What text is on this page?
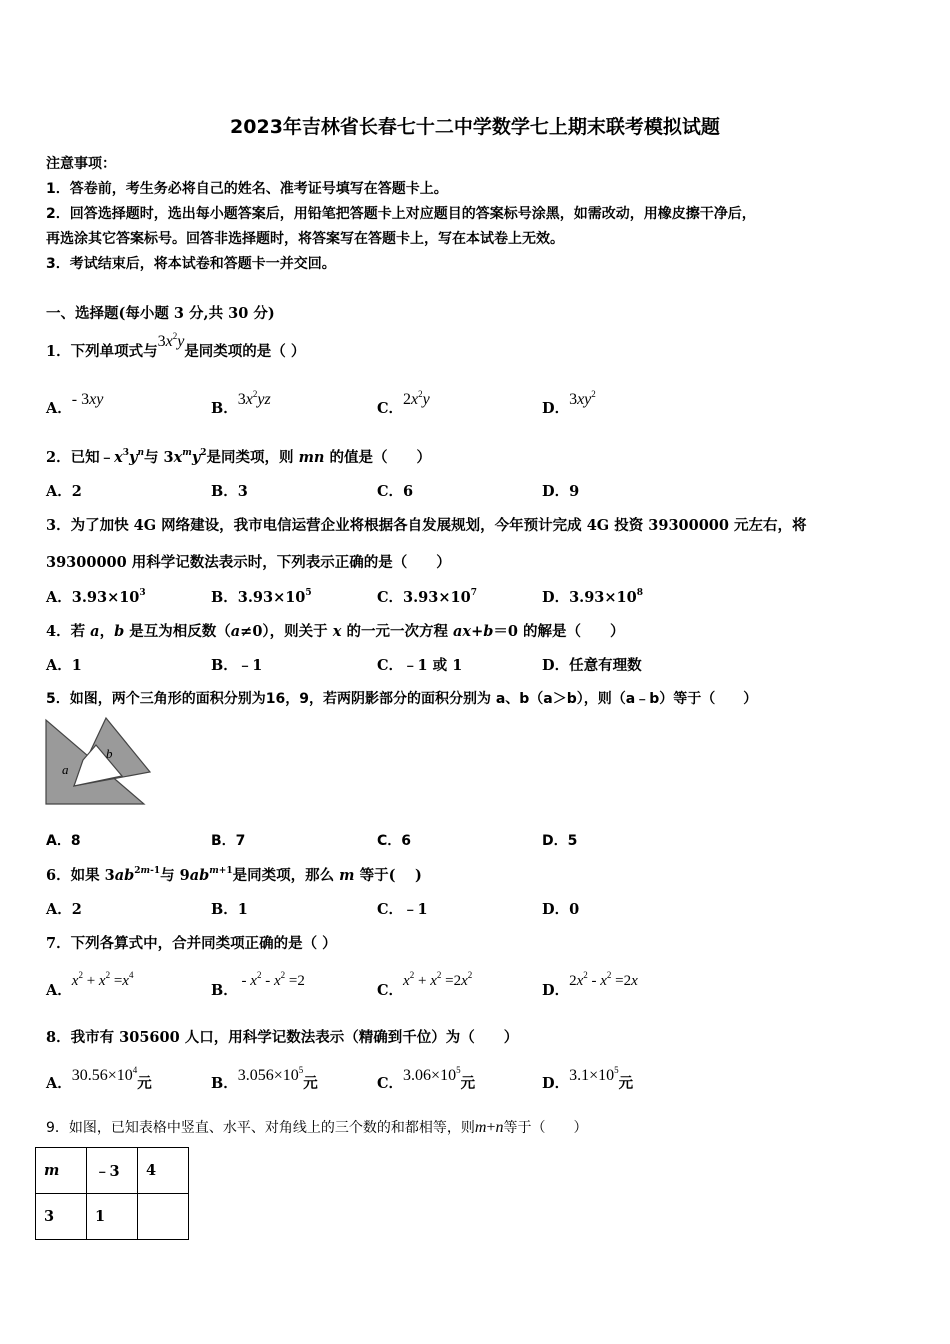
2023年吉林省长春七十二中学数学七上期末联考模拟试题
注意事项：
1．答卷前，考生务必将自己的姓名、准考证号填写在答题卡上。
2．回答选择题时，选出每小题答案后，用铅笔把答题卡上对应题目的答案标号涂黑，如需改动，用橡皮擦干净后，
再选涂其它答案标号。回答非选择题时，将答案写在答题卡上，写在本试卷上无效。
3．考试结束后，将本试卷和答题卡一并交回。
一、选择题(每小题 3 分,共 30 分)
1．下列单项式与$3x^2y$是同类项的是（ ）
A．- 3xy
B．$3x^2yz$
C．$2x^2y$
D．$3xy^2$
2．已知$﹣x^3y^n$与 $3x^my^2$是同类项，则 mn 的值是（　　）
A．2	B．3	C．6	D．9
3．为了加快 4G 网络建设，我市电信运营企业将根据各自发展规划，今年预计完成 4G 投资 39300000 元左右，将
39300000 用科学记数法表示时，下列表示正确的是（　　）
A．$3.93\times 10^3$	B．$3.93\times 10^5$	C．$3.93\times 10^7$	D．$3.93\times 10^8$
4．若 a，b 是互为相反数（a≠0），则关于 x 的一元一次方程 ax+b＝0 的解是（　　）
A．1	B．﹣1	C．﹣1 或 1	D．任意有理数
5．如图，两个三角形的面积分别为16，9，若两阴影部分的面积分别为 a、b（a＞b），则（a﹣b）等于（　　）
a
b
A．8	B．7	C．6	D．5
6．如果 $3ab^{2m-1}$与 $9ab^{m+1}$是同类项，那么 m 等于(　 )
A．2	B．1	C．﹣1	D．0
7．下列各算式中，合并同类项正确的是（ ）
A．$x^2 + x^2 =x^4$
B． - $x^2 - x^2 =2$
C．$x^2 + x^2 =2x^2$
D．$2x^2 - x^2 =2x$
8．我市有 305600 人口，用科学记数法表示（精确到千位）为（　　）
A．$30.56\times 10^4$元	B．$3.056\times 10^5$元	C．$3.06\times 10^5$元	D．$3.1\times 10^5$元
9．如图，已知表格中竖直、水平、对角线上的三个数的和都相等，则m+n等于（　　）
m	﹣3	4
3	1	
